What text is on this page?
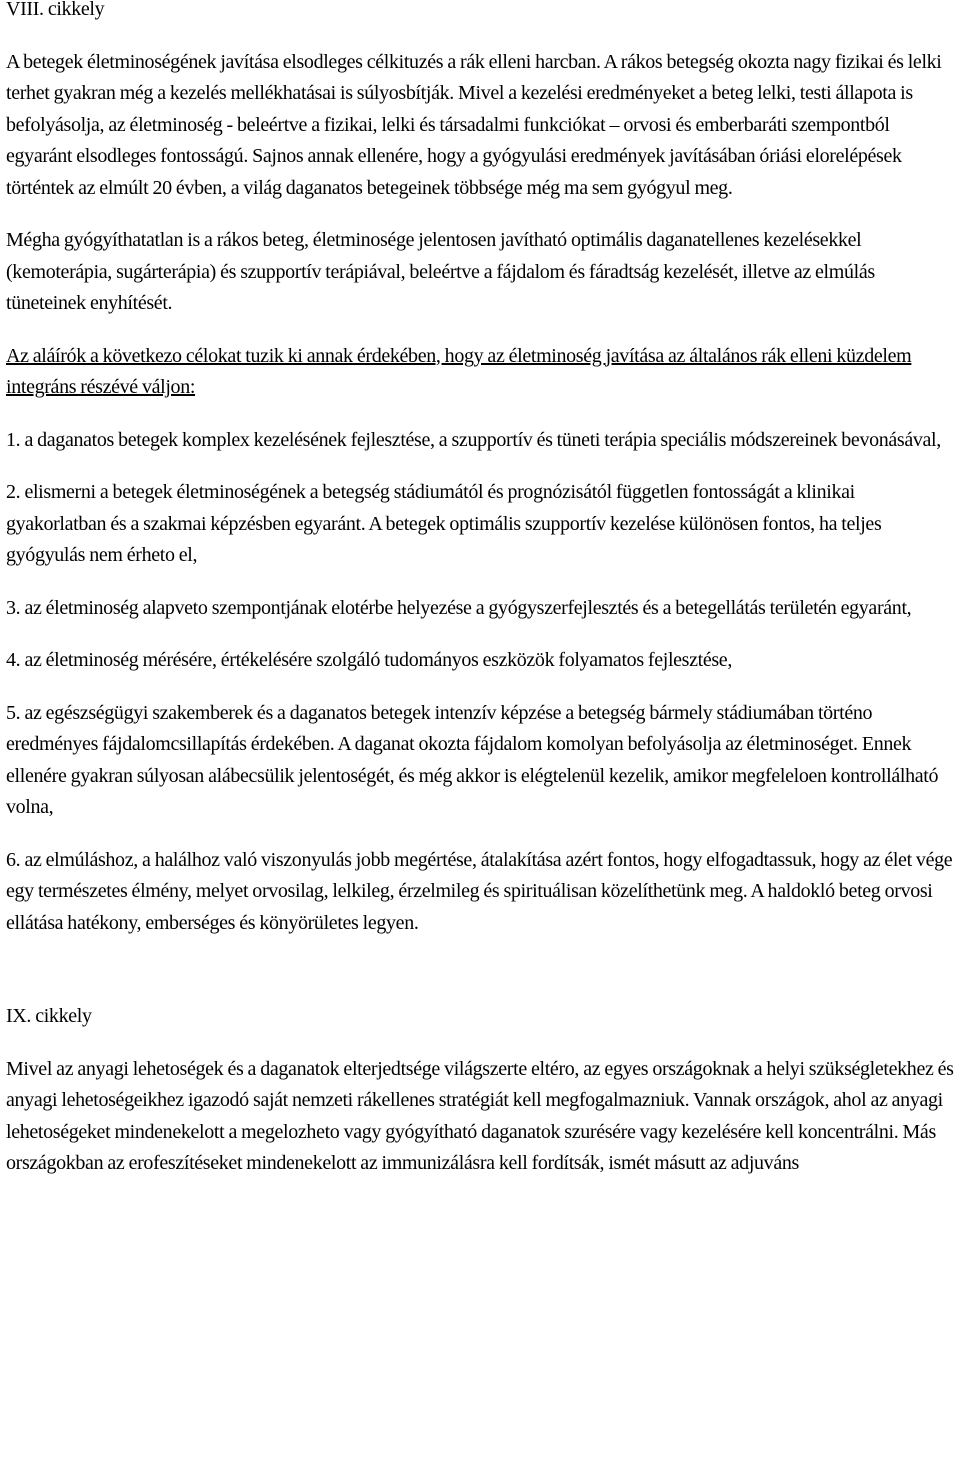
VIII. cikkely

A betegek életminoségének javítása elsodleges célkituzés a rák elleni harcban. A rákos betegség okozta nagy fizikai és lelki terhet gyakran még a kezelés mellékhatásai is súlyosbítják. Mivel a kezelési eredményeket a beteg lelki, testi állapota is befolyásolja, az életminoség - beleértve a fizikai, lelki és társadalmi funkciókat – orvosi és emberbaráti szempontból egyaránt elsodleges fontosságú. Sajnos annak ellenére, hogy a gyógyulási eredmények javításában óriási elorelépések történtek az elmúlt 20 évben, a világ daganatos betegeinek többsége még ma sem gyógyul meg.

Mégha gyógyíthatatlan is a rákos beteg, életminosége jelentosen javítható optimális daganatellenes kezelésekkel (kemoterápia, sugárterápia) és szupportív terápiával, beleértve a fájdalom és fáradtság kezelését, illetve az elmúlás tüneteinek enyhítését.

Az aláírók a következo célokat tuzik ki annak érdekében, hogy az életminoség javítása az általános rák elleni küzdelem integráns részévé váljon:

1. a daganatos betegek komplex kezelésének fejlesztése, a szupportív és tüneti terápia speciális módszereinek bevonásával,

2. elismerni a betegek életminoségének a betegség stádiumától és prognózisától független fontosságát a klinikai gyakorlatban és a szakmai képzésben egyaránt. A betegek optimális szupportív kezelése különösen fontos, ha teljes gyógyulás nem érheto el,

3. az életminoség alapveto szempontjának elotérbe helyezése a gyógyszerfejlesztés és a betegellátás területén egyaránt,

4. az életminoség mérésére, értékelésére szolgáló tudományos eszközök folyamatos fejlesztése,

5. az egészségügyi szakemberek és a daganatos betegek intenzív képzése a betegség bármely stádiumában történo eredményes fájdalomcsillapítás érdekében. A daganat okozta fájdalom komolyan befolyásolja az életminoséget. Ennek ellenére gyakran súlyosan alábecsülik jelentoségét, és még akkor is elégtelenül kezelik, amikor megfeleloen kontrollálható volna,

6. az elmúláshoz, a halálhoz való viszonyulás jobb megértése, átalakítása azért fontos, hogy elfogadtassuk, hogy az élet vége egy természetes élmény, melyet orvosilag, lelkileg, érzelmileg és spirituálisan közelíthetünk meg. A haldokló beteg orvosi ellátása hatékony, emberséges és könyörületes legyen.

IX. cikkely

Mivel az anyagi lehetoségek és a daganatok elterjedtsége világszerte eltéro, az egyes országoknak a helyi szükségletekhez és anyagi lehetoségeikhez igazodó saját nemzeti rákellenes stratégiát kell megfogalmazniuk. Vannak országok, ahol az anyagi lehetoségeket mindenekelott a megelozheto vagy gyógyítható daganatok szurésére vagy kezelésére kell koncentrálni. Más országokban az erofeszítéseket mindenekelott az immunizálásra kell fordítsák, ismét másutt az adjuváns
